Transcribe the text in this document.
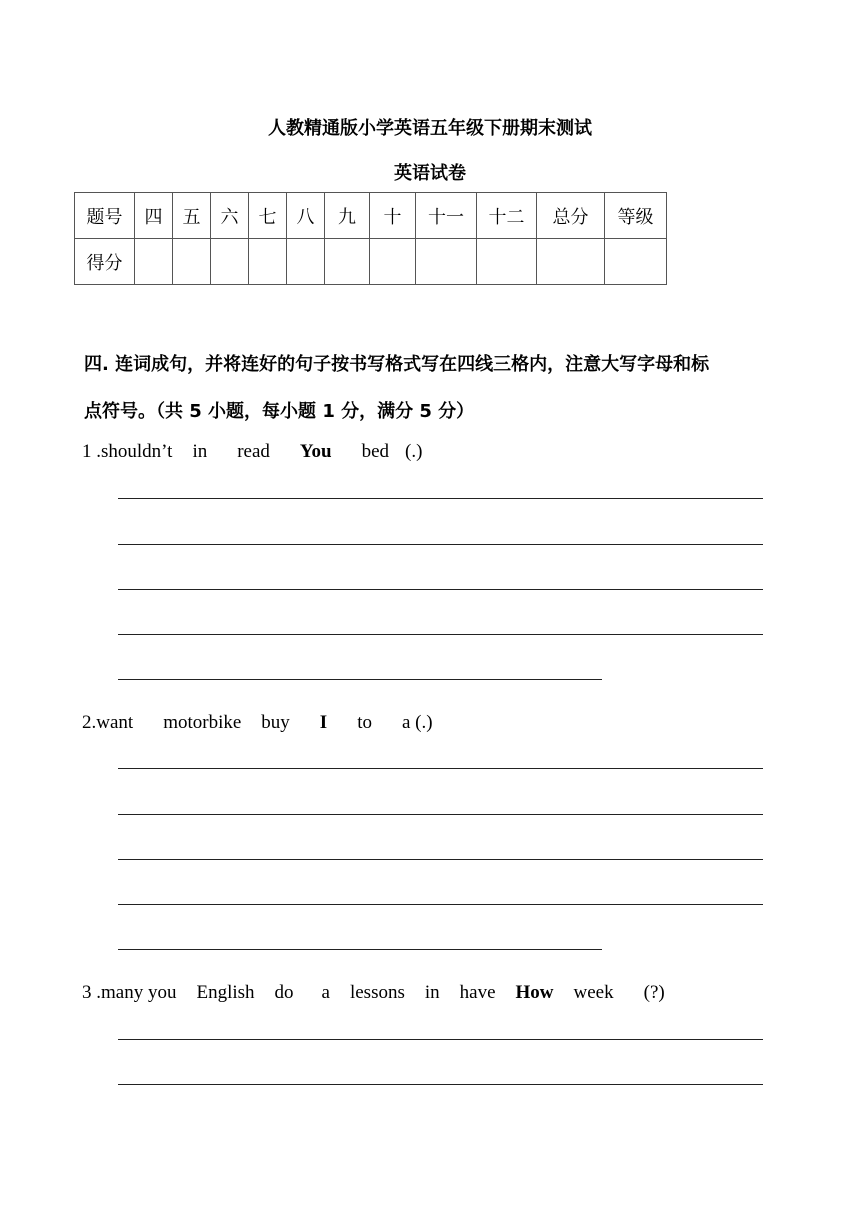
人教精通版小学英语五年级下册期末测试
英语试卷
题号	四	五	六	七	八	九	十	十一	十二	总分	等级
得分											
四. 连词成句，并将连好的句子按书写格式写在四线三格内，注意大写字母和标
点符号。（共 5 小题，每小题 1 分，满分 5 分）
1 .shouldn’t in read You bed (.)
2.want motorbike buy I to a (.)
3 .many you English do a lessons in have How week (?)
